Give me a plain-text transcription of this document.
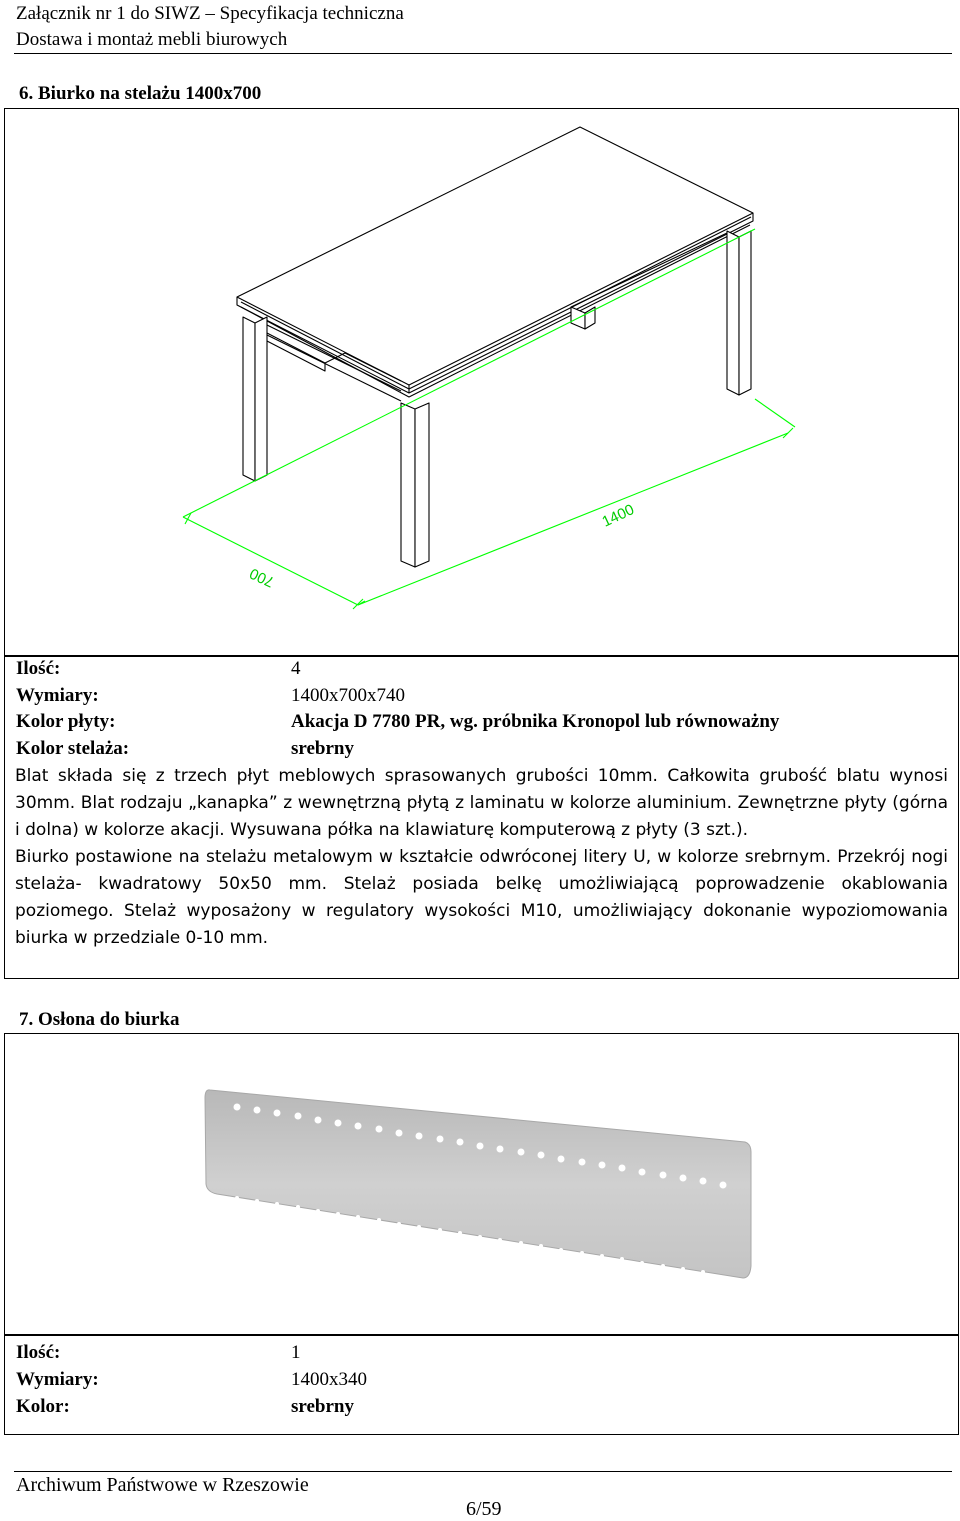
Załącznik nr 1 do SIWZ – Specyfikacja techniczna
Dostawa i montaż mebli biurowych
6. Biurko na stelażu 1400x700
1400
700
Ilość:	4
Wymiary:	1400x700x740
Kolor płyty:	Akacja D 7780 PR, wg. próbnika Kronopol lub równoważny
Kolor stelaża:	srebrny

Blat składa się z trzech płyt meblowych sprasowanych grubości 10mm. Całkowita grubość blatu wynosi 30mm. Blat rodzaju „kanapka” z wewnętrzną płytą z laminatu w kolorze aluminium. Zewnętrzne płyty (górna i dolna) w kolorze akacji. Wysuwana półka na klawiaturę komputerową z płyty (3 szt.).

Biurko postawione na stelażu metalowym w kształcie odwróconej litery U, w kolorze srebrnym. Przekrój nogi stelaża- kwadratowy 50x50 mm. Stelaż posiada belkę umożliwiającą poprowadzenie okablowania poziomego. Stelaż wyposażony w regulatory wysokości M10, umożliwiający dokonanie wypoziomowania biurka w przedziale 0-10 mm.

7. Osłona do biurka
Ilość:	1
Wymiary:	1400x340
Kolor:	srebrny
Archiwum Państwowe w Rzeszowie
6/59
